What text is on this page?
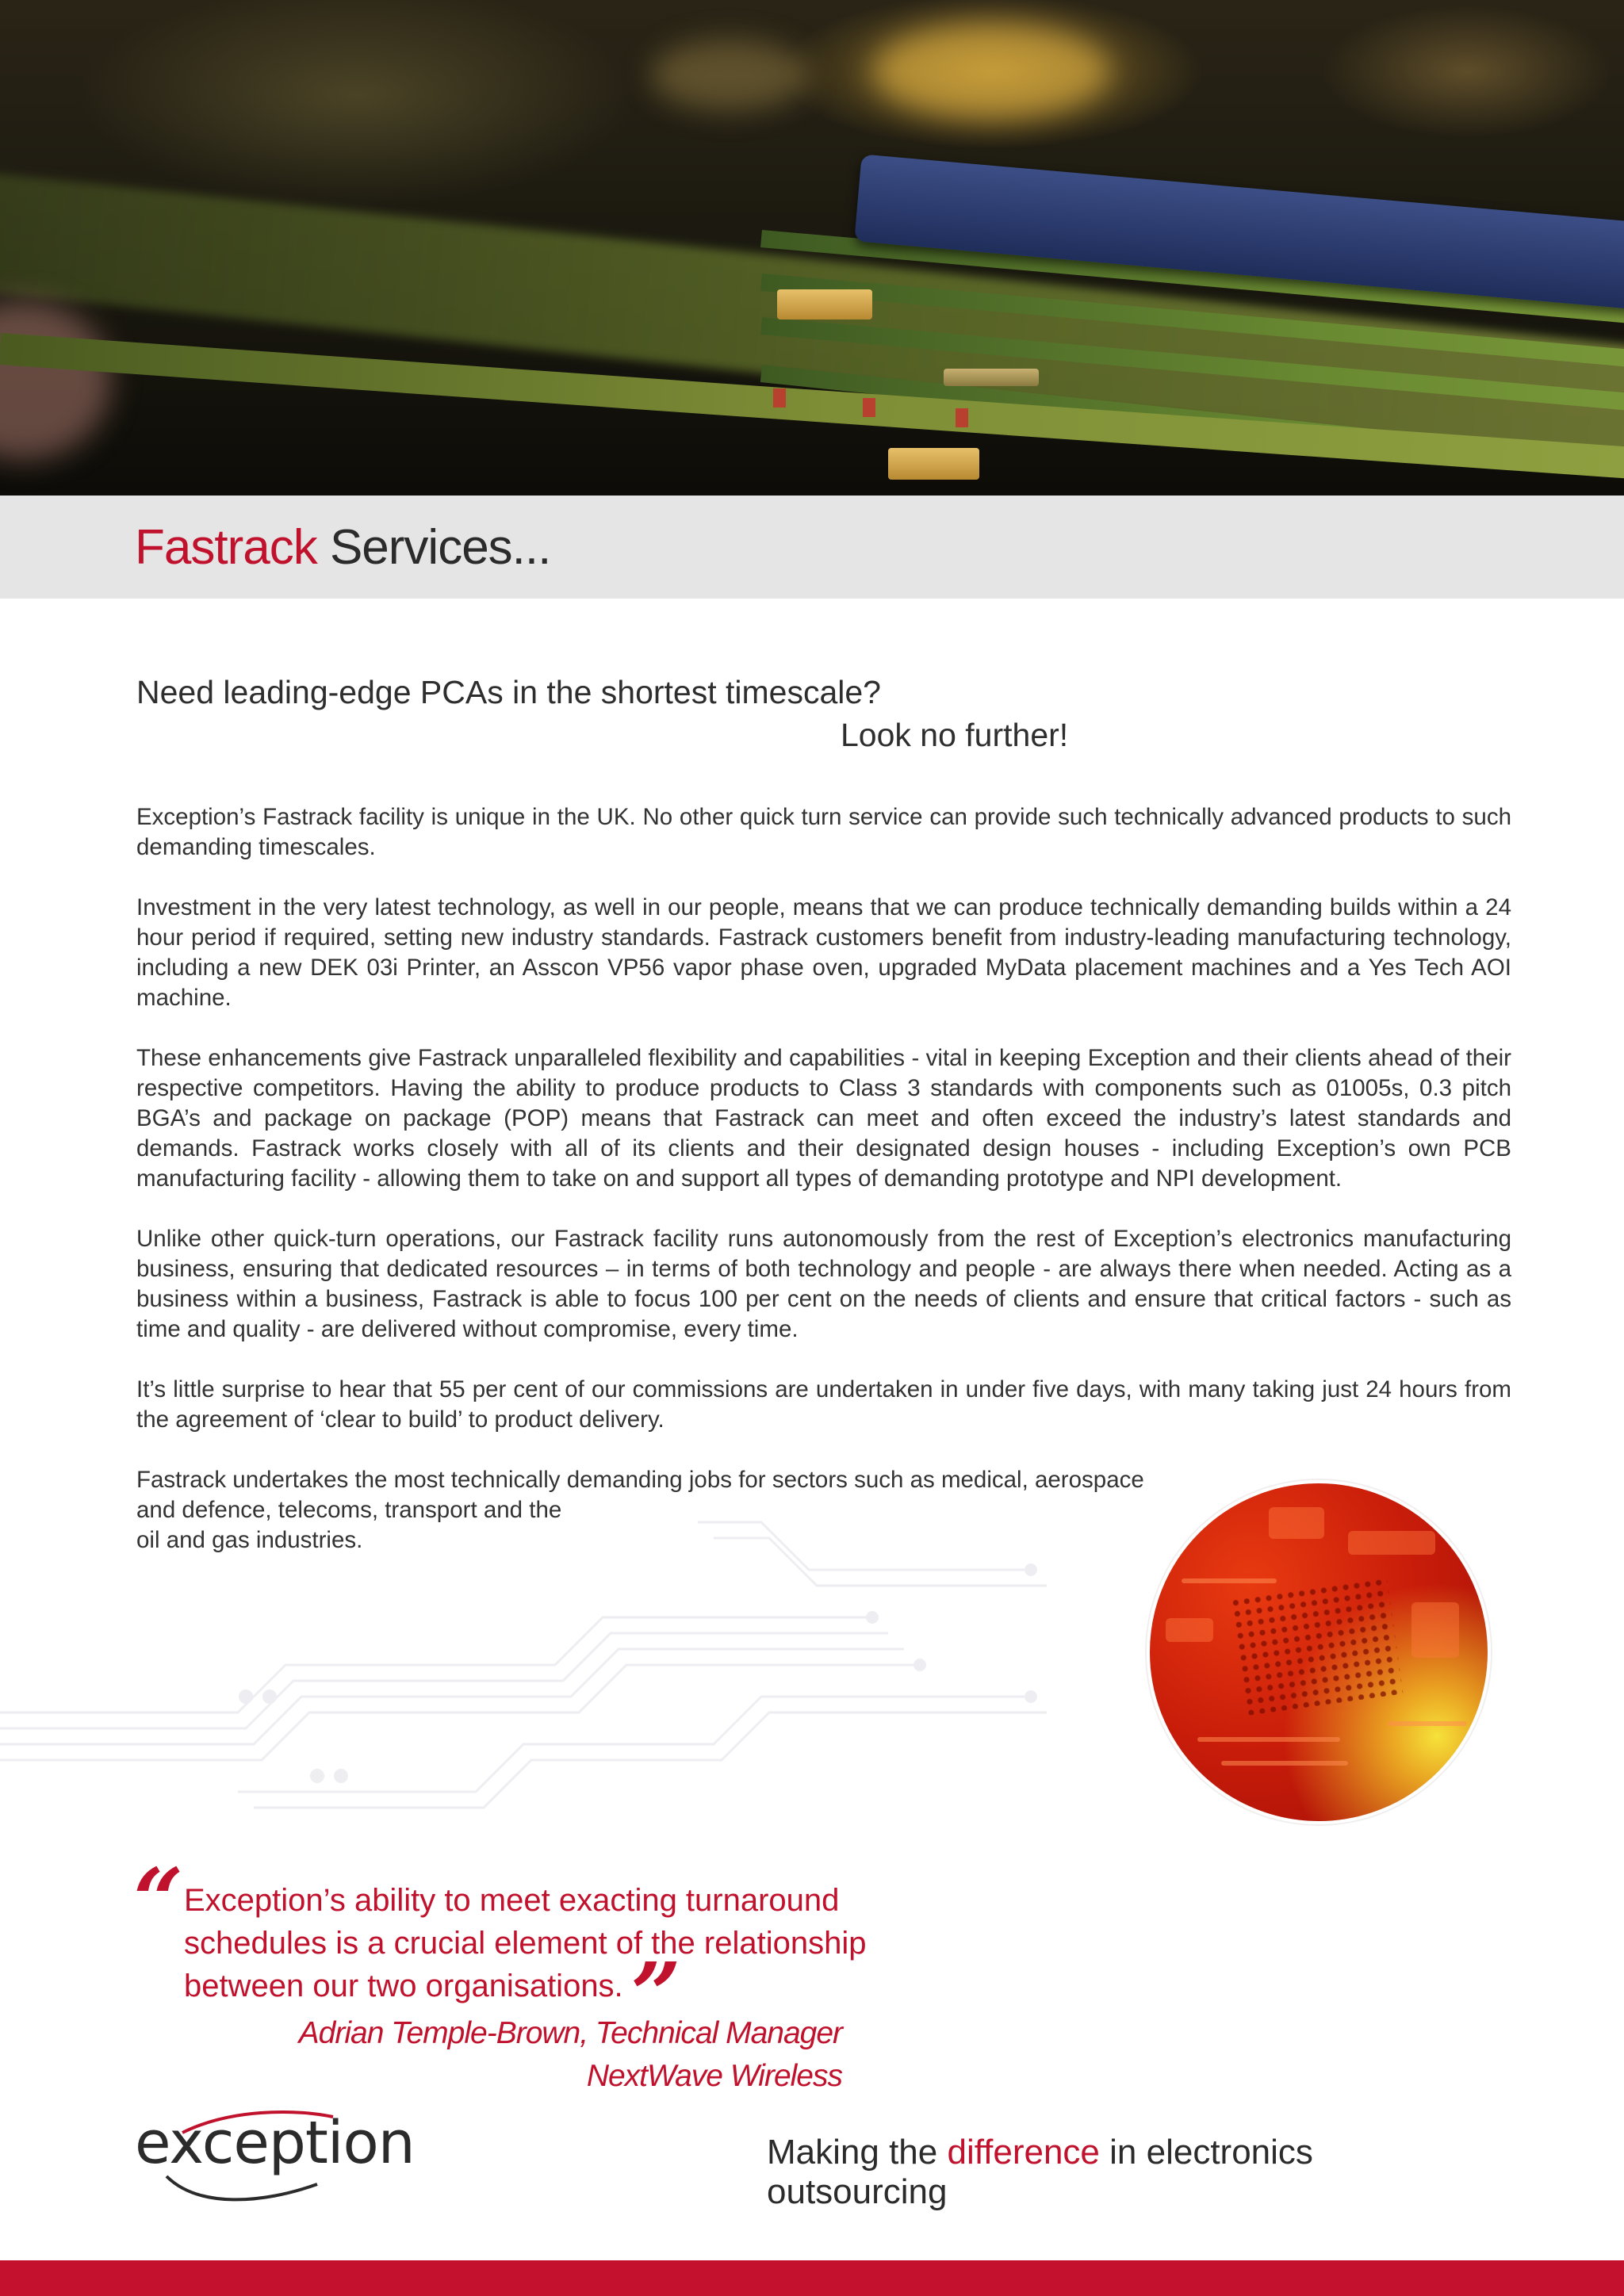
Fastrack Services...
Need leading-edge PCAs in the shortest timescale?
Look no further!

Exception’s Fastrack facility is unique in the UK. No other quick turn service can provide such technically advanced products to such demanding timescales.

Investment in the very latest technology, as well in our people, means that we can produce technically demanding builds within a 24 hour period if required, setting new industry standards. Fastrack customers benefit from industry-leading manufacturing technology, including a new DEK 03i Printer, an Asscon VP56 vapor phase oven, upgraded MyData placement machines and a Yes Tech AOI machine.

These enhancements give Fastrack unparalleled flexibility and capabilities - vital in keeping Exception and their clients ahead of their respective competitors. Having the ability to produce products to Class 3 standards with components such as 01005s, 0.3 pitch BGA’s and package on package (POP) means that Fastrack can meet and often exceed the industry’s latest standards and demands. Fastrack works closely with all of its clients and their designated design houses - including Exception’s own PCB manufacturing facility - allowing them to take on and support all types of demanding prototype and NPI development.

Unlike other quick-turn operations, our Fastrack facility runs autonomously from the rest of Exception’s electronics manufacturing business, ensuring that dedicated resources – in terms of both technology and people - are always there when needed. Acting as a business within a business, Fastrack is able to focus 100 per cent on the needs of clients and ensure that critical factors - such as time and quality - are delivered without compromise, every time.

It’s little surprise to hear that 55 per cent of our commissions are undertaken in under five days, with many taking just 24 hours from the agreement of ‘clear to build’ to product delivery.

Fastrack undertakes the most technically demanding jobs for sectors such as medical, aerospace
and defence, telecoms, transport and the
oil and gas industries.
“ Exception’s ability to meet exacting turnaround schedules is a crucial element of the relationship between our two organisations.”
Adrian Temple-Brown, Technical Manager
NextWave Wireless
exception	Making the difference in electronics outsourcing
